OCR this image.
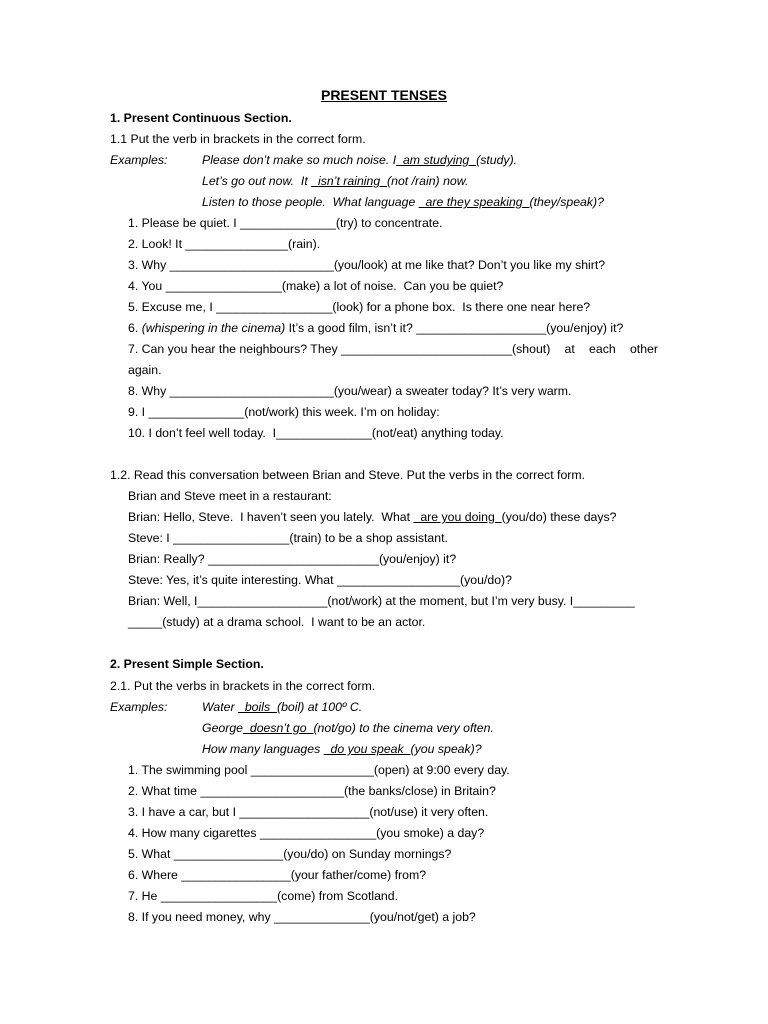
PRESENT TENSES
1. Present Continuous Section.
1.1 Put the verb in brackets in the correct form.
Examples:	Please don’t make so much noise. I  am studying  (study).
Let’s go out now.  It   isn’t raining  (not /rain) now.
Listen to those people.  What language   are they speaking  (they/speak)?
1. Please be quiet. I ______________(try) to concentrate.
2. Look! It _______________(rain).
3. Why ________________________(you/look) at me like that? Don’t you like my shirt?
4. You _________________(make) a lot of noise.  Can you be quiet?
5. Excuse me, I _________________(look) for a phone box.  Is there one near here?
6. (whispering in the cinema) It’s a good film, isn’t it? ___________________(you/enjoy) it?
7. Can you hear the neighbours? They _________________________(shout) at each other
again.
8. Why ________________________(you/wear) a sweater today? It’s very warm.
9. I ______________(not/work) this week. I’m on holiday:
10. I don’t feel well today.  I______________(not/eat) anything today.
1.2. Read this conversation between Brian and Steve. Put the verbs in the correct form.
Brian and Steve meet in a restaurant:
Brian: Hello, Steve.  I haven’t seen you lately.  What   are you doing  (you/do) these days?
Steve: I _________________(train) to be a shop assistant.
Brian: Really? _________________________(you/enjoy) it?
Steve: Yes, it’s quite interesting. What __________________(you/do)?
Brian: Well, I___________________(not/work) at the moment, but I’m very busy. I_________
_____(study) at a drama school.  I want to be an actor.
2. Present Simple Section.
2.1. Put the verbs in brackets in the correct form.
Examples:	Water   boils  (boil) at 100º C.
George  doesn’t go  (not/go) to the cinema very often.
How many languages   do you speak  (you speak)?
1. The swimming pool __________________(open) at 9:00 every day.
2. What time _____________________(the banks/close) in Britain?
3. I have a car, but I ___________________(not/use) it very often.
4. How many cigarettes _________________(you smoke) a day?
5. What ________________(you/do) on Sunday mornings?
6. Where ________________(your father/come) from?
7. He _________________(come) from Scotland.
8. If you need money, why ______________(you/not/get) a job?
